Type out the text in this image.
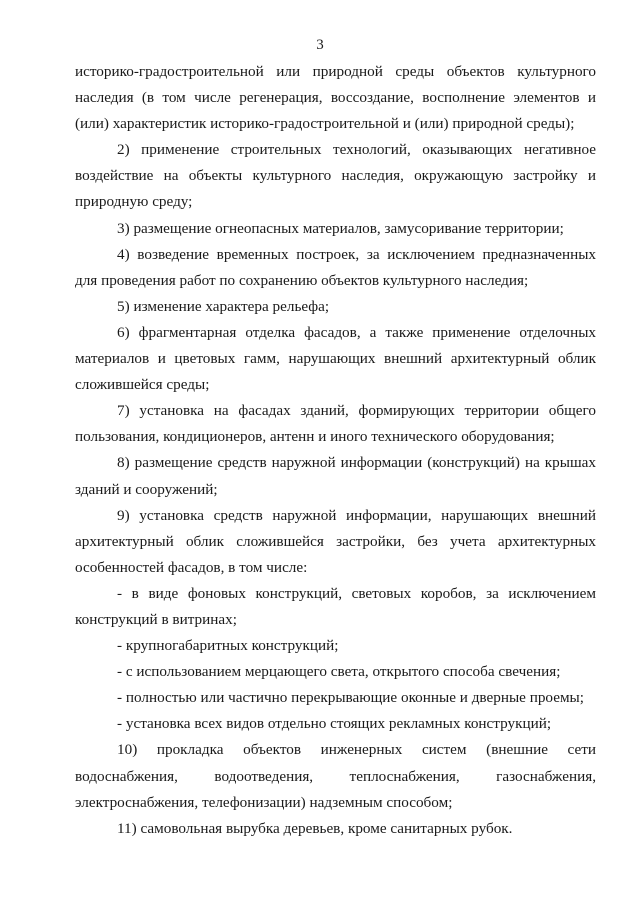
3

историко-градостроительной или природной среды объектов культурного наследия (в том числе регенерация, воссоздание, восполнение элементов и (или) характеристик историко-градостроительной и (или) природной среды);

2) применение строительных технологий, оказывающих негативное воздействие на объекты культурного наследия, окружающую застройку и природную среду;

3) размещение огнеопасных материалов, замусоривание территории;

4) возведение временных построек, за исключением предназначенных для проведения работ по сохранению объектов культурного наследия;

5) изменение характера рельефа;

6) фрагментарная отделка фасадов, а также применение отделочных материалов и цветовых гамм, нарушающих внешний архитектурный облик сложившейся среды;

7) установка на фасадах зданий, формирующих территории общего пользования, кондиционеров, антенн и иного технического оборудования;

8) размещение средств наружной информации (конструкций) на крышах зданий и сооружений;

9) установка средств наружной информации, нарушающих внешний архитектурный облик сложившейся застройки, без учета архитектурных особенностей фасадов, в том числе:

- в виде фоновых конструкций, световых коробов, за исключением конструкций в витринах;

- крупногабаритных конструкций;

- с использованием мерцающего света, открытого способа свечения;

- полностью или частично перекрывающие оконные и дверные проемы;

- установка всех видов отдельно стоящих рекламных конструкций;

10) прокладка объектов инженерных систем (внешние сети водоснабжения, водоотведения, теплоснабжения, газоснабжения, электроснабжения, телефонизации) надземным способом;

11) самовольная вырубка деревьев, кроме санитарных рубок.
